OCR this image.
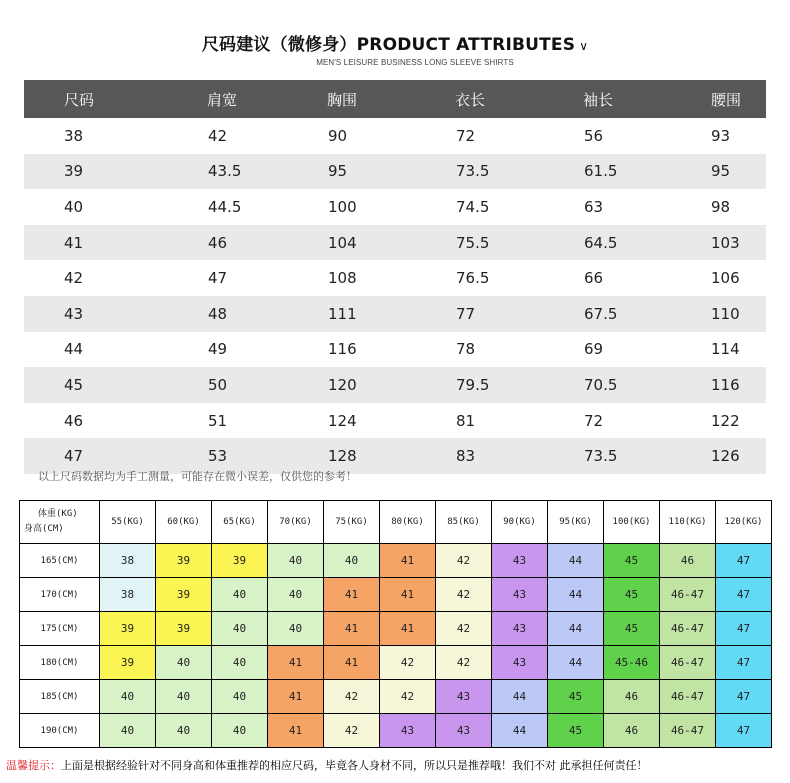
尺码建议（微修身）PRODUCT ATTRIBUTES ∨
MEN'S LEISURE BUSINESS LONG SLEEVE SHIRTS
尺码	肩宽	胸围	衣长	袖长	腰围
38	42	90	72	56	93
39	43.5	95	73.5	61.5	95
40	44.5	100	74.5	63	98
41	46	104	75.5	64.5	103
42	47	108	76.5	66	106
43	48	111	77	67.5	110
44	49	116	78	69	114
45	50	120	79.5	70.5	116
46	51	124	81	72	122
47	53	128	83	73.5	126
以上尺码数据均为手工测量，可能存在微小误差，仅供您的参考！
体重(KG)
身高(CM)	55(KG)	60(KG)	65(KG)	70(KG)	75(KG)	80(KG)	85(KG)	90(KG)	95(KG)	100(KG)	110(KG)	120(KG)
165(CM)	38	39	39	40	40	41	42	43	44	45	46	47
170(CM)	38	39	40	40	41	41	42	43	44	45	46-47	47
175(CM)	39	39	40	40	41	41	42	43	44	45	46-47	47
180(CM)	39	40	40	41	41	42	42	43	44	45-46	46-47	47
185(CM)	40	40	40	41	42	42	43	44	45	46	46-47	47
190(CM)	40	40	40	41	42	43	43	44	45	46	46-47	47
温馨提示：上面是根据经验针对不同身高和体重推荐的相应尺码，毕竟各人身材不同，所以只是推荐哦！我们不对 此承担任何责任！
